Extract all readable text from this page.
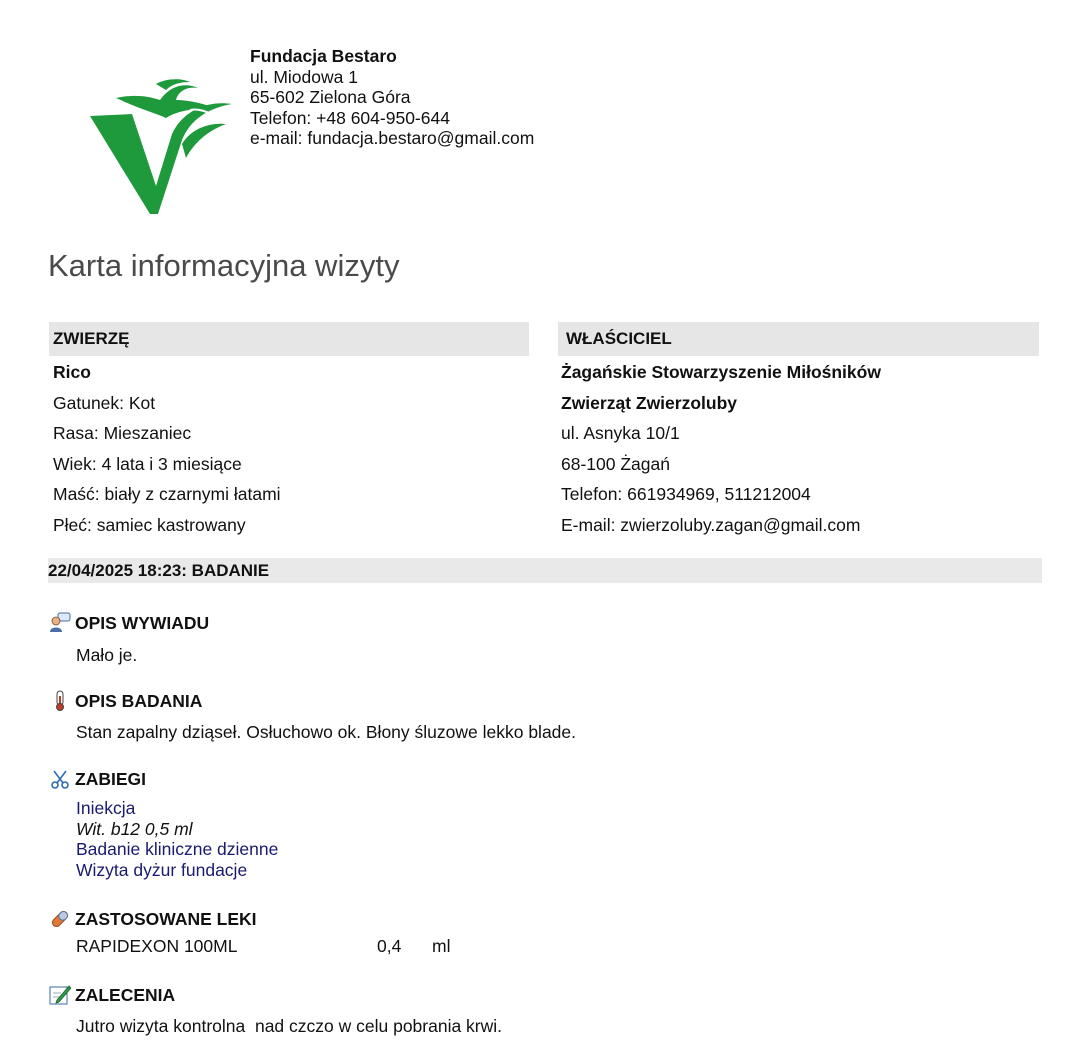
Fundacja Bestaro
ul. Miodowa 1
65-602 Zielona Góra
Telefon: +48 604-950-644
e-mail: fundacja.bestaro@gmail.com
Karta informacyjna wizyty
ZWIERZĘ	WŁAŚCICIEL
Rico
Gatunek: Kot
Rasa: Mieszaniec
Wiek: 4 lata i 3 miesiące
Maść: biały z czarnymi łatami
Płeć: samiec kastrowany
Żagańskie Stowarzyszenie Miłośników
Zwierząt Zwierzoluby
ul. Asnyka 10/1
68-100 Żagań
Telefon: 661934969, 511212004
E-mail: zwierzoluby.zagan@gmail.com
22/04/2025 18:23: BADANIE
OPIS WYWIADU
Mało je.
OPIS BADANIA
Stan zapalny dziąseł. Osłuchowo ok. Błony śluzowe lekko blade.
ZABIEGI
Iniekcja
Wit. b12 0,5 ml
Badanie kliniczne dzienne
Wizyta dyżur fundacje
ZASTOSOWANE LEKI
RAPIDEXON 100ML	0,4 ml
ZALECENIA
Jutro wizyta kontrolna  nad czczo w celu pobrania krwi.
